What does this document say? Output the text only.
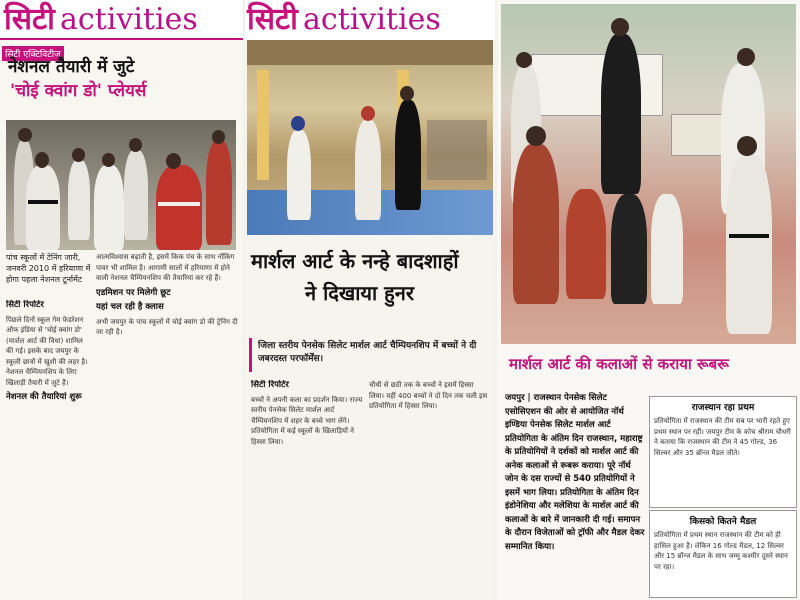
सिटी activities
सिटी एक्टिविटीज
नेशनल तैयारी में जुटे
'चोई क्वांग डो' प्लेयर्स
पांच स्कूलों में टेनिंग जारी, जनवरी 2010 में हरियाणा में होगा पहला नेशनल टूर्नामेंट

सिटी रिपोर्टर

पिछले दिनों स्कूल गेम फेडरेशन ऑफ इंडिया से 'चोई क्वांग डो' (मार्शल आर्ट की विधा) शामिल की गई। इसके बाद जयपुर के स्कूली छात्रों में खुशी की लहर है। नेशनल चैम्पियनशिप के लिए खिलाड़ी तैयारी में जुटे हैं।

नेशनल की तैयारियां शुरू

आत्मविश्वास बढ़ाती है, इसमें किक पंच के साथ नॉकिंग पावर भी शामिल है। आगामी सालों में हरियाणा में होने वाली नेशनल चैम्पियनशिप की तैयारियां कर रहे हैं।

एडमिशन पर मिलेगी छूट

यहां चल रही है क्लास

अभी जयपुर के पांच स्कूलों में चोई क्वांग डो की ट्रेनिंग दी जा रही है।

सिटी activities
मार्शल आर्ट के नन्हे बादशाहों
ने दिखाया हुनर
जिला स्तरीय पेनसेक सिलेट मार्शल आर्ट चैम्पियनशिप में बच्चों ने दी जबरदस्त परफॉर्मेंस।

सिटी रिपोर्टर

बच्चों ने अपनी कला का प्रदर्शन किया। राज्य स्तरीय पेनसेक सिलेट मार्शल आर्ट चैम्पियनशिप में शहर के बच्चे भाग लेंगे। प्रतियोगिता में कई स्कूलों के खिलाड़ियों ने हिस्सा लिया।

चौथी से छठी तक के बच्चों ने इसमें हिस्सा लिया। वहीं 400 बच्चों ने दो दिन तक चली इस प्रतियोगिता में हिस्सा लिया।

मार्शल आर्ट की कलाओं से कराया रूबरू

जयपुर | राजस्थान पेनसेक सिलेट एसोसिएशन की ओर से आयोजित नॉर्थ इण्डिया पेनसेक सिलेट मार्शल आर्ट प्रतियोगिता के अंतिम दिन राजस्थान, महाराष्ट्र के प्रतियोगियों ने दर्शकों को मार्शल आर्ट की अनेक कलाओं से रूबरू कराया। पूरे नॉर्थ जोन के दस राज्यों से 540 प्रतियोगियों ने इसमें भाग लिया। प्रतियोगिता के अंतिम दिन इंडोनेशिया और मलेशिया के मार्शल आर्ट की कलाओं के बारे में जानकारी दी गई। समापन के दौरान विजेताओं को ट्रॉफी और मैडल देकर सम्मानित किया।

राजस्थान रहा प्रथम
प्रतियोगिता में राजस्थान की टीम सब पर भारी रहते हुए प्रथम स्थान पर रही। जयपुर टीम के कोच श्रीराम चौधरी ने बताया कि राजस्थान की टीम ने 45 गोल्ड, 36 सिल्वर और 35 ब्रॉन्ज मैडल जीते।
किसको कितने मैडल
प्रतियोगिता में प्रथम स्थान राजस्थान की टीम को ही हासिल हुआ है। लेकिन 16 गोल्ड मैडल, 12 सिल्वर और 15 ब्रॉन्ज मैडल के साथ जम्मू कश्मीर दूसरे स्थान पर रहा।
